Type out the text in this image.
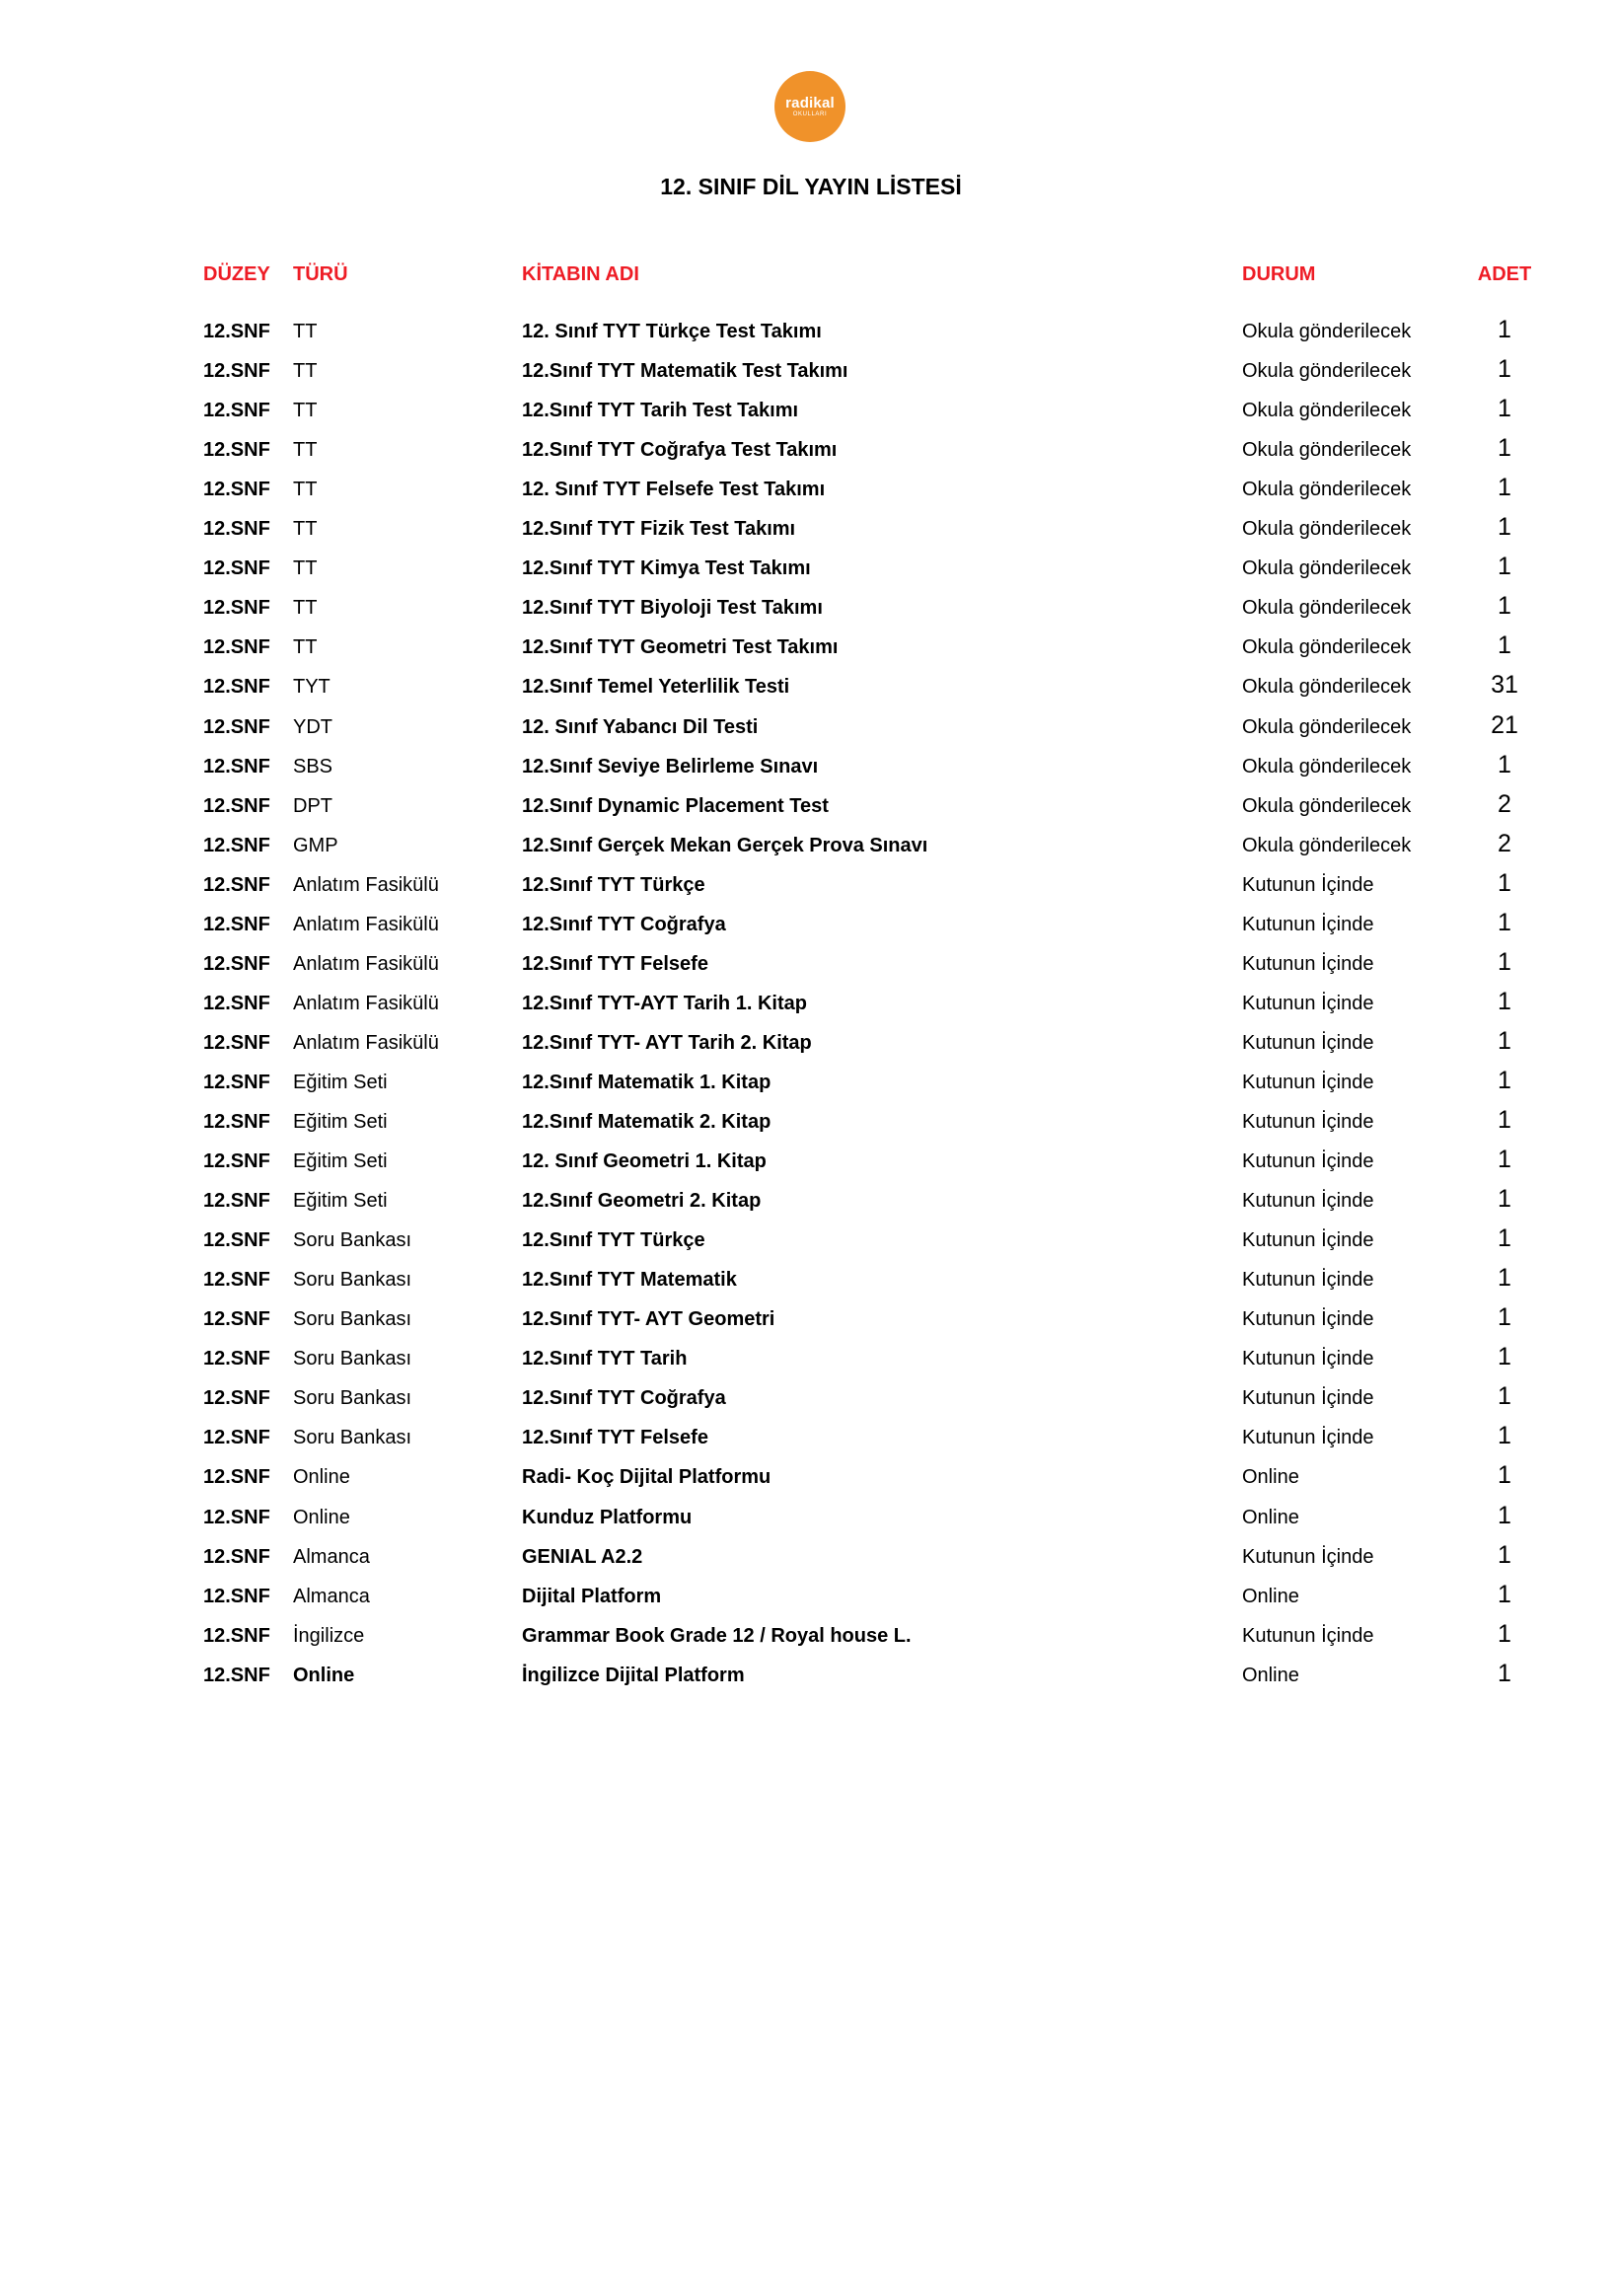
radikal
OKULLARI
12. SINIF DİL YAYIN LİSTESİ
DÜZEY TÜRÜ	KİTABIN ADI	DURUM	ADET
12.SNF TT	12. Sınıf TYT Türkçe Test Takımı	Okula gönderilecek	1
12.SNF TT	12.Sınıf TYT Matematik Test Takımı	Okula gönderilecek	1
12.SNF TT	12.Sınıf TYT Tarih Test Takımı	Okula gönderilecek	1
12.SNF TT	12.Sınıf TYT Coğrafya Test Takımı	Okula gönderilecek	1
12.SNF TT	12. Sınıf TYT Felsefe Test Takımı	Okula gönderilecek	1
12.SNF TT	12.Sınıf TYT Fizik Test Takımı	Okula gönderilecek	1
12.SNF TT	12.Sınıf TYT Kimya Test Takımı	Okula gönderilecek	1
12.SNF TT	12.Sınıf TYT Biyoloji Test Takımı	Okula gönderilecek	1
12.SNF TT	12.Sınıf TYT Geometri Test Takımı	Okula gönderilecek	1
12.SNF TYT	12.Sınıf Temel Yeterlilik Testi	Okula gönderilecek	31
12.SNF YDT	12. Sınıf Yabancı Dil Testi	Okula gönderilecek	21
12.SNF SBS	12.Sınıf Seviye Belirleme Sınavı	Okula gönderilecek	1
12.SNF DPT	12.Sınıf Dynamic Placement Test	Okula gönderilecek	2
12.SNF GMP	12.Sınıf Gerçek Mekan Gerçek Prova Sınavı	Okula gönderilecek	2
12.SNF Anlatım Fasikülü	12.Sınıf TYT Türkçe	Kutunun İçinde	1
12.SNF Anlatım Fasikülü	12.Sınıf TYT Coğrafya	Kutunun İçinde	1
12.SNF Anlatım Fasikülü	12.Sınıf TYT Felsefe	Kutunun İçinde	1
12.SNF Anlatım Fasikülü	12.Sınıf TYT-AYT Tarih 1. Kitap	Kutunun İçinde	1
12.SNF Anlatım Fasikülü	12.Sınıf TYT- AYT Tarih 2. Kitap	Kutunun İçinde	1
12.SNF Eğitim Seti	12.Sınıf Matematik 1. Kitap	Kutunun İçinde	1
12.SNF Eğitim Seti	12.Sınıf Matematik 2. Kitap	Kutunun İçinde	1
12.SNF Eğitim Seti	12. Sınıf Geometri 1. Kitap	Kutunun İçinde	1
12.SNF Eğitim Seti	12.Sınıf Geometri 2. Kitap	Kutunun İçinde	1
12.SNF Soru Bankası	12.Sınıf TYT Türkçe	Kutunun İçinde	1
12.SNF Soru Bankası	12.Sınıf TYT Matematik	Kutunun İçinde	1
12.SNF Soru Bankası	12.Sınıf TYT- AYT Geometri	Kutunun İçinde	1
12.SNF Soru Bankası	12.Sınıf TYT Tarih	Kutunun İçinde	1
12.SNF Soru Bankası	12.Sınıf TYT Coğrafya	Kutunun İçinde	1
12.SNF Soru Bankası	12.Sınıf TYT Felsefe	Kutunun İçinde	1
12.SNF Online	Radi- Koç Dijital Platformu	Online	1
12.SNF Online	Kunduz Platformu	Online	1
12.SNF Almanca	GENIAL A2.2	Kutunun İçinde	1
12.SNF Almanca	Dijital Platform	Online	1
12.SNF İngilizce	Grammar Book Grade 12 / Royal house L.	Kutunun İçinde	1
12.SNF Online	İngilizce Dijital Platform	Online	1
